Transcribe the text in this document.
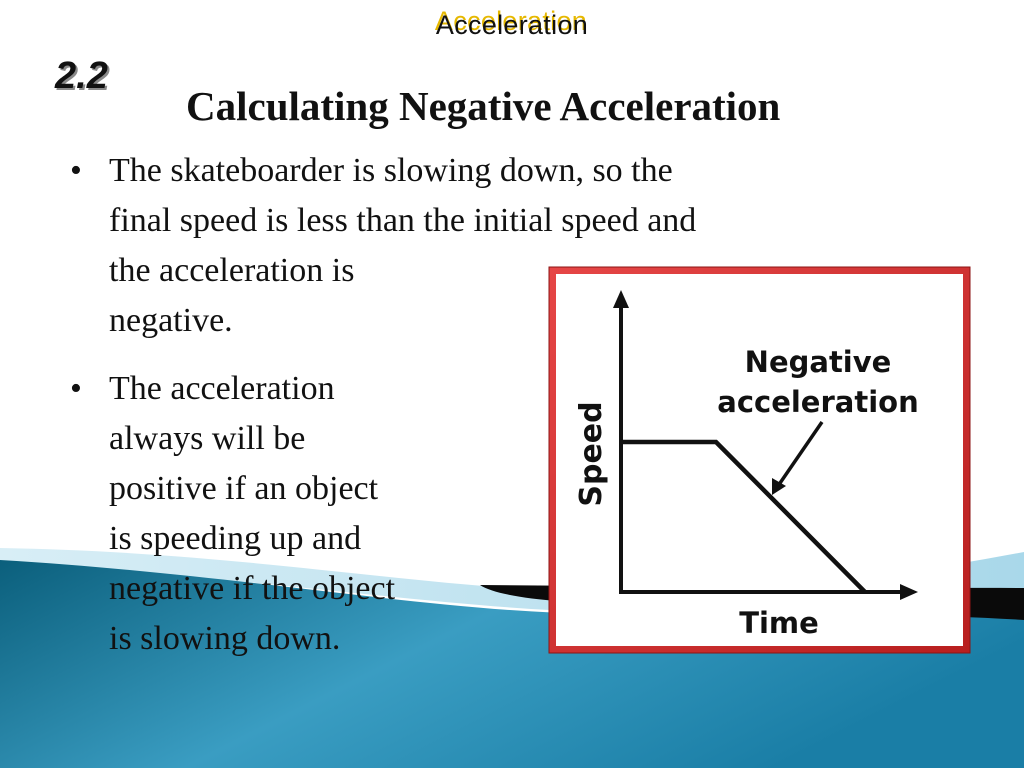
Acceleration
2.2
Calculating Negative Acceleration
• The skateboarder is slowing down, so the
final speed is less than the initial speed and
the acceleration is
negative.
• The acceleration
always will be
positive if an object
is speeding up and
negative if the object
is slowing down.
Speed
Time
Negative
acceleration
